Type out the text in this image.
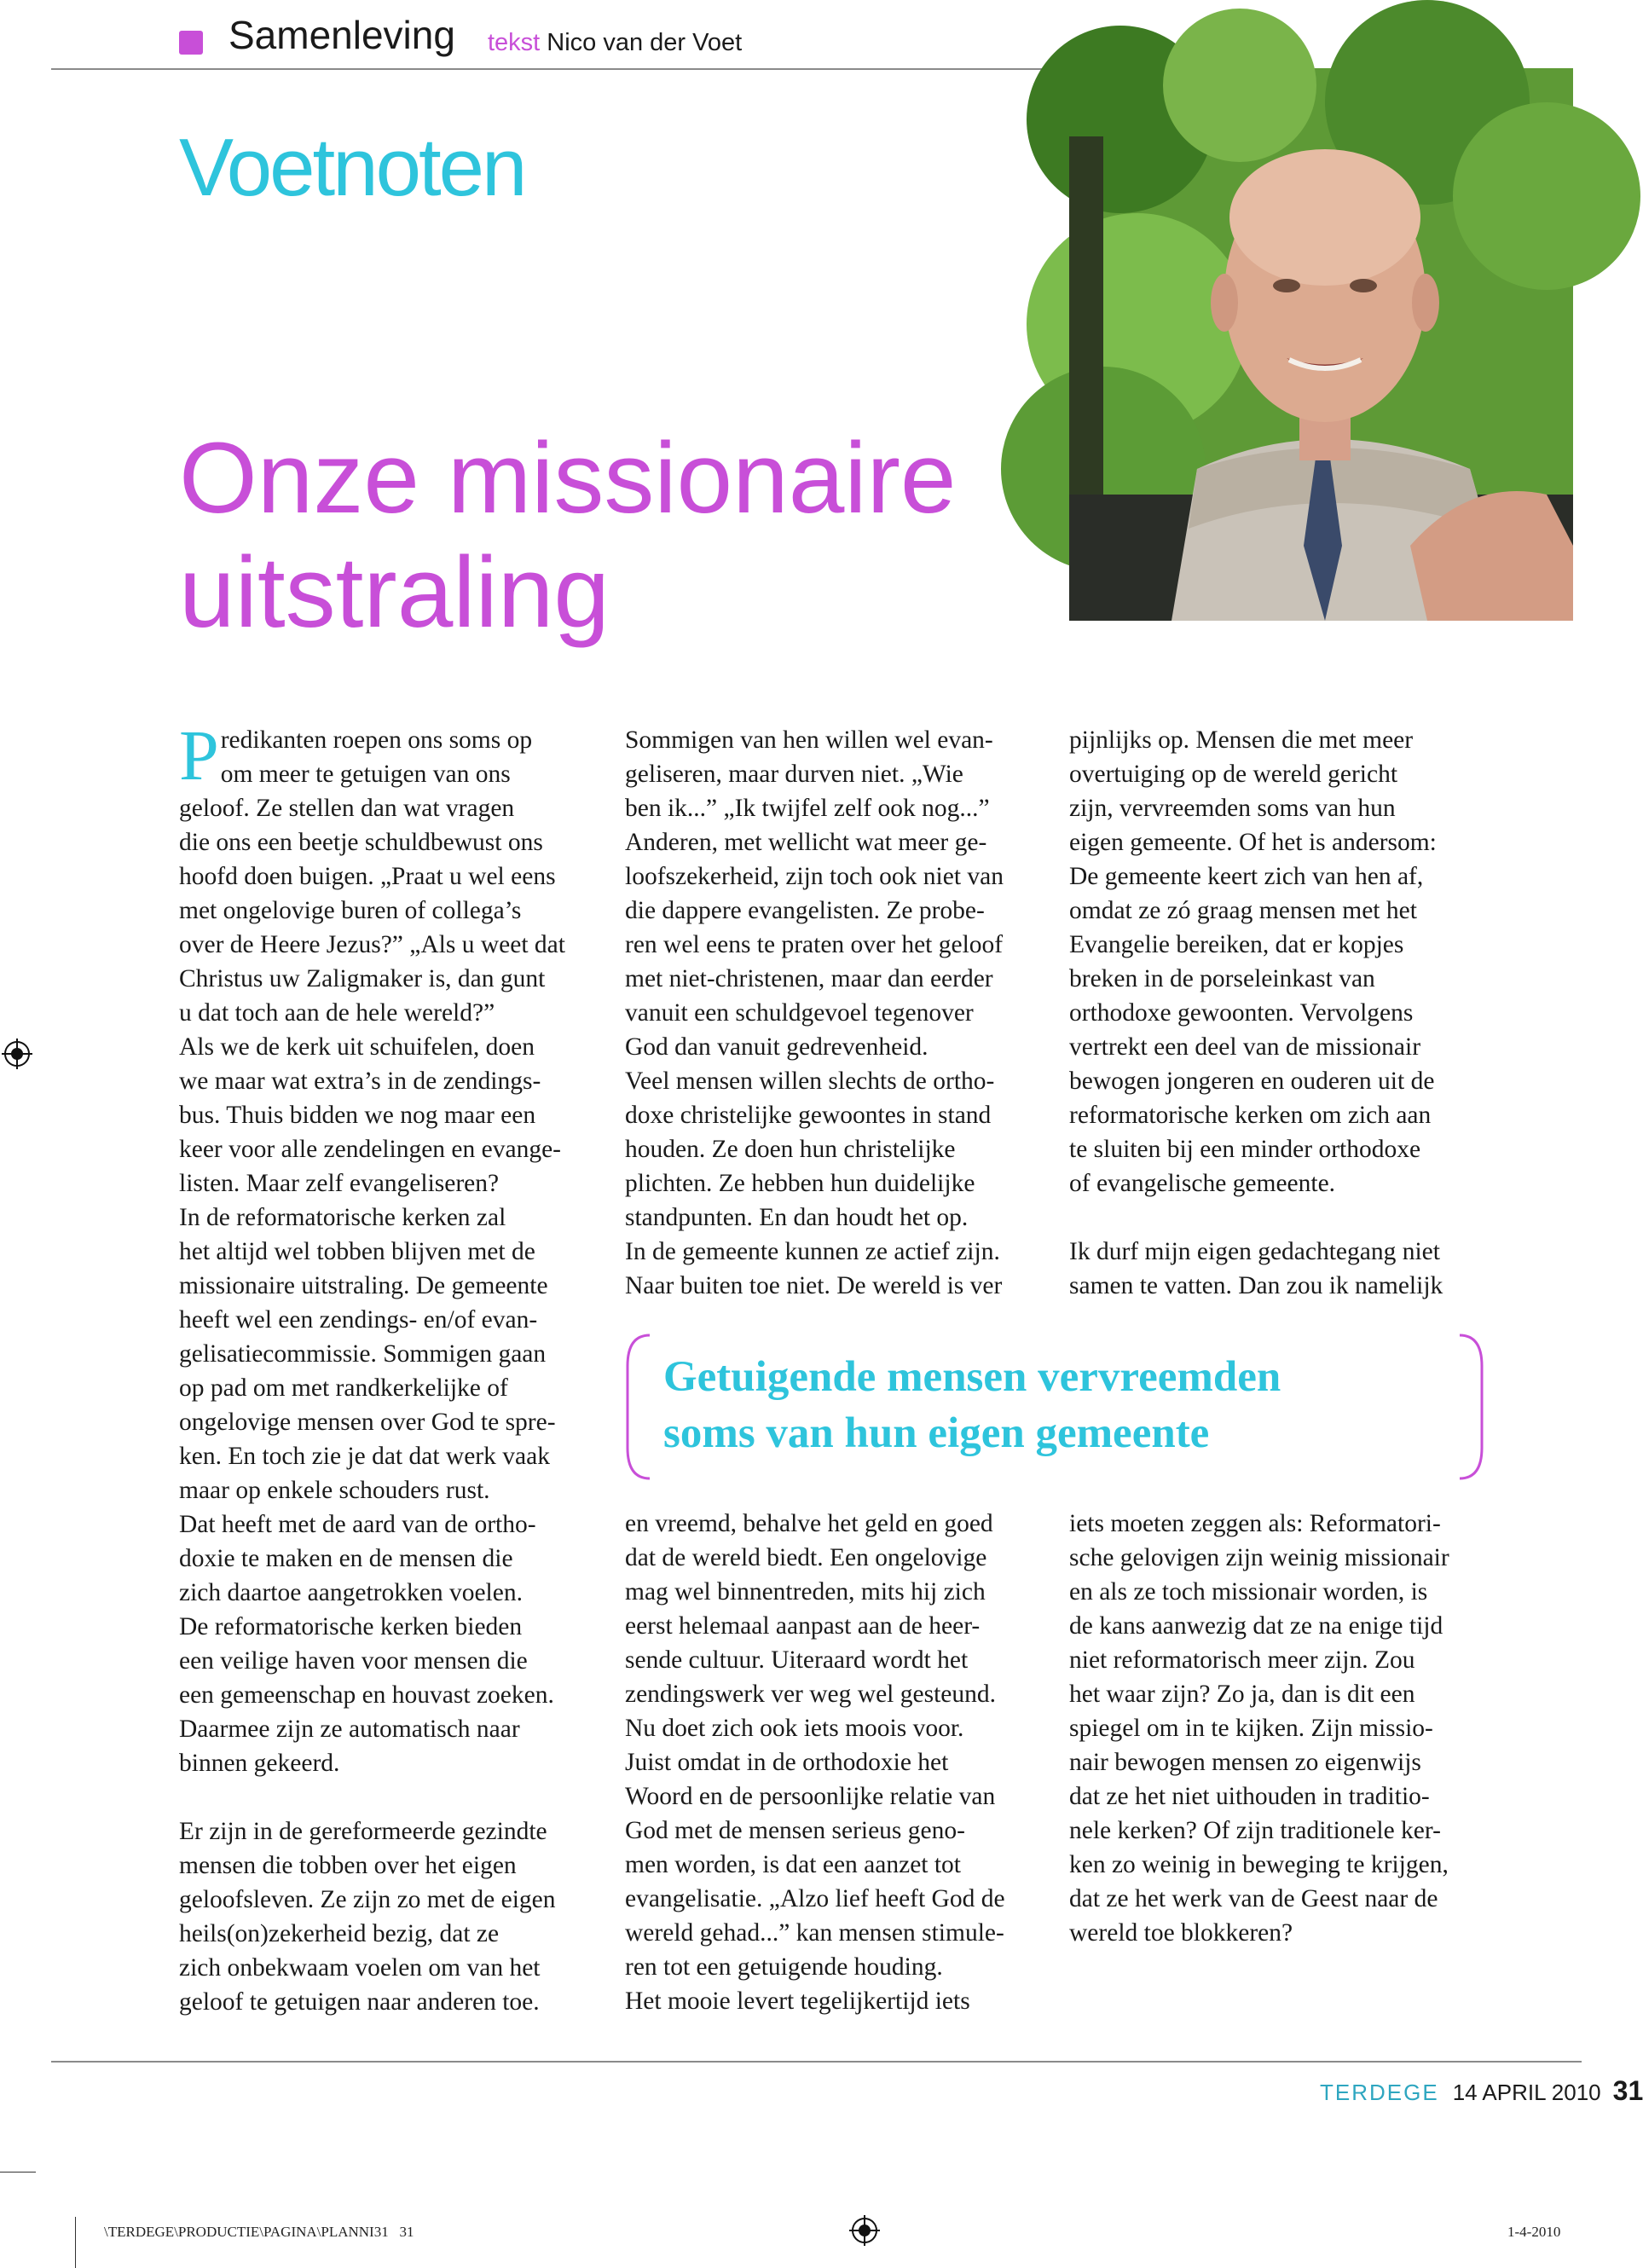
Samenleving tekst Nico van der Voet
Voetnoten
Onze missionaire
uitstraling
Predikanten roepen ons soms op
om meer te getuigen van ons
geloof. Ze stellen dan wat vragen
die ons een beetje schuldbewust ons
hoofd doen buigen. „Praat u wel eens
met ongelovige buren of collega’s
over de Heere Jezus?” „Als u weet dat
Christus uw Zaligmaker is, dan gunt
u dat toch aan de hele wereld?”
Als we de kerk uit schuifelen, doen
we maar wat extra’s in de zendings-
bus. Thuis bidden we nog maar een
keer voor alle zendelingen en evange-
listen. Maar zelf evangeliseren?
In de reformatorische kerken zal
het altijd wel tobben blijven met de
missionaire uitstraling. De gemeente
heeft wel een zendings- en/of evan-
gelisatiecommissie. Sommigen gaan
op pad om met randkerkelijke of
ongelovige mensen over God te spre-
ken. En toch zie je dat dat werk vaak
maar op enkele schouders rust.
Dat heeft met de aard van de ortho-
doxie te maken en de mensen die
zich daartoe aangetrokken voelen.
De reformatorische kerken bieden
een veilige haven voor mensen die
een gemeenschap en houvast zoeken.
Daarmee zijn ze automatisch naar
binnen gekeerd.

Er zijn in de gereformeerde gezindte
mensen die tobben over het eigen
geloofsleven. Ze zijn zo met de eigen
heils(on)zekerheid bezig, dat ze
zich onbekwaam voelen om van het
geloof te getuigen naar anderen toe.
Sommigen van hen willen wel evan-
geliseren, maar durven niet. „Wie
ben ik...” „Ik twijfel zelf ook nog...”
Anderen, met wellicht wat meer ge-
loofszekerheid, zijn toch ook niet van
die dappere evangelisten. Ze probe-
ren wel eens te praten over het geloof
met niet-christenen, maar dan eerder
vanuit een schuldgevoel tegenover
God dan vanuit gedrevenheid.
Veel mensen willen slechts de ortho-
doxe christelijke gewoontes in stand
houden. Ze doen hun christelijke
plichten. Ze hebben hun duidelijke
standpunten. En dan houdt het op.
In de gemeente kunnen ze actief zijn.
Naar buiten toe niet. De wereld is ver
pijnlijks op. Mensen die met meer
overtuiging op de wereld gericht
zijn, vervreemden soms van hun
eigen gemeente. Of het is andersom:
De gemeente keert zich van hen af,
omdat ze zó graag mensen met het
Evangelie bereiken, dat er kopjes
breken in de porseleinkast van
orthodoxe gewoonten. Vervolgens
vertrekt een deel van de missionair
bewogen jongeren en ouderen uit de
reformatorische kerken om zich aan
te sluiten bij een minder orthodoxe
of evangelische gemeente.

Ik durf mijn eigen gedachtegang niet
samen te vatten. Dan zou ik namelijk
Getuigende mensen vervreemden
soms van hun eigen gemeente
en vreemd, behalve het geld en goed
dat de wereld biedt. Een ongelovige
mag wel binnentreden, mits hij zich
eerst helemaal aanpast aan de heer-
sende cultuur. Uiteraard wordt het
zendingswerk ver weg wel gesteund.
Nu doet zich ook iets moois voor.
Juist omdat in de orthodoxie het
Woord en de persoonlijke relatie van
God met de mensen serieus geno-
men worden, is dat een aanzet tot
evangelisatie. „Alzo lief heeft God de
wereld gehad...” kan mensen stimule-
ren tot een getuigende houding.
Het mooie levert tegelijkertijd iets
iets moeten zeggen als: Reformatori-
sche gelovigen zijn weinig missionair
en als ze toch missionair worden, is
de kans aanwezig dat ze na enige tijd
niet reformatorisch meer zijn. Zou
het waar zijn? Zo ja, dan is dit een
spiegel om in te kijken. Zijn missio-
nair bewogen mensen zo eigenwijs
dat ze het niet uithouden in traditio-
nele kerken? Of zijn traditionele ker-
ken zo weinig in beweging te krijgen,
dat ze het werk van de Geest naar de
wereld toe blokkeren?
TERDEGE 14 APRIL 2010 31
\TERDEGE\PRODUCTIE\PAGINA\PLANNI31   31	1-4-2010
